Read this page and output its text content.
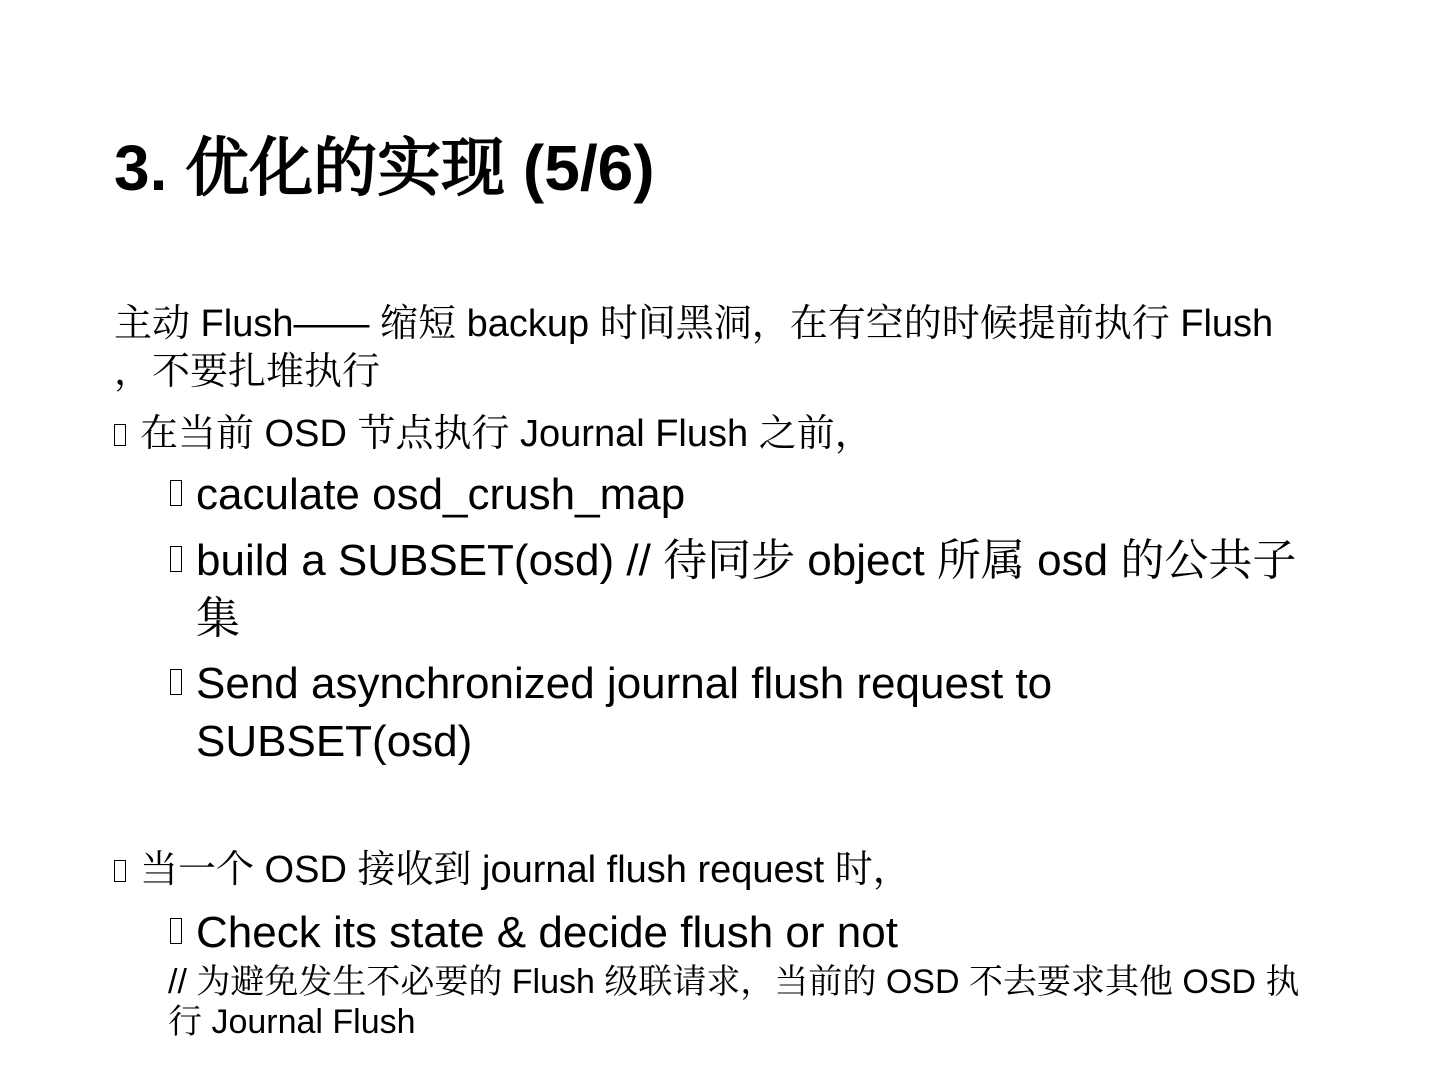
3. 优化的实现 (5/6)
主动 Flush—— 缩短 backup 时间黑洞，在有空的时候提前执行 Flush ，不要扎堆执行
在当前 OSD 节点执行 Journal Flush 之前，
caculate osd_crush_map
build a SUBSET(osd) // 待同步 object 所属 osd 的公共子集
Send asynchronized journal flush request to SUBSET(osd)
当一个 OSD 接收到 journal flush request 时，
Check its state & decide flush or not
// 为避免发生不必要的 Flush 级联请求，当前的 OSD 不去要求其他 OSD 执行 Journal Flush
